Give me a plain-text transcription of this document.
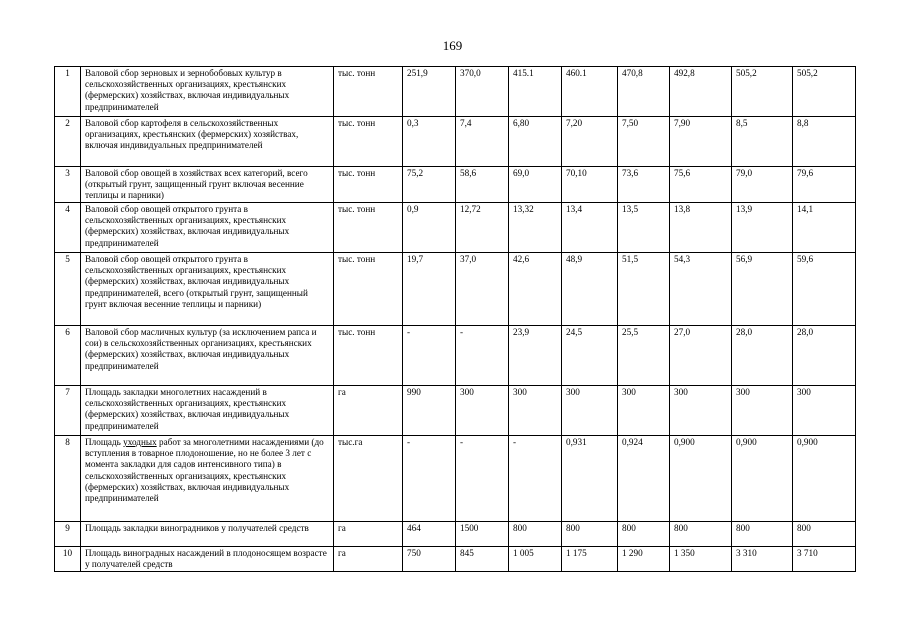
169
1	Валовой сбор зерновых и зернобобовых культур в сельскохозяйственных организациях, крестьянских (фермерских) хозяйствах, включая индивидуальных предпринимателей	тыс. тонн	251,9	370,0	415.1	460.1	470,8	492,8	505,2	505,2
2	Валовой сбор картофеля в сельскохозяйственных организациях, крестьянских (фермерских) хозяйствах, включая индивидуальных предпринимателей	тыс. тонн	0,3	7,4	6,80	7,20	7,50	7,90	8,5	8,8
3	Валовой сбор овощей в хозяйствах всех категорий, всего (открытый грунт, защищенный грунт включая весенние теплицы и парники)	тыс. тонн	75,2	58,6	69,0	70,10	73,6	75,6	79,0	79,6
4	Валовой сбор овощей открытого грунта в сельскохозяйственных организациях, крестьянских (фермерских) хозяйствах, включая индивидуальных предпринимателей	тыс. тонн	0,9	12,72	13,32	13,4	13,5	13,8	13,9	14,1
5	Валовой сбор овощей открытого грунта в сельскохозяйственных организациях, крестьянских (фермерских) хозяйствах, включая индивидуальных предпринимателей, всего (открытый грунт, защищенный грунт включая весенние теплицы и парники)	тыс. тонн	19,7	37,0	42,6	48,9	51,5	54,3	56,9	59,6
6	Валовой сбор масличных культур (за исключением рапса и сои) в сельскохозяйственных организациях, крестьянских (фермерских) хозяйствах, включая индивидуальных предпринимателей	тыс. тонн	-	-	23,9	24,5	25,5	27,0	28,0	28,0
7	Площадь закладки многолетних насаждений в сельскохозяйственных организациях, крестьянских (фермерских) хозяйствах, включая индивидуальных предпринимателей	га	990	300	300	300	300	300	300	300
8	Площадь уходных работ за многолетними насаждениями (до вступления в товарное плодоношение, но не более 3 лет с момента закладки для садов интенсивного типа) в сельскохозяйственных организациях, крестьянских (фермерских) хозяйствах, включая индивидуальных предпринимателей	тыс.га	-	-	-	0,931	0,924	0,900	0,900	0,900
9	Площадь закладки виноградников у получателей средств	га	464	1500	800	800	800	800	800	800
10	Площадь виноградных насаждений в плодоносящем возрасте у получателей средств	га	750	845	1 005	1 175	1 290	1 350	3 310	3 710
